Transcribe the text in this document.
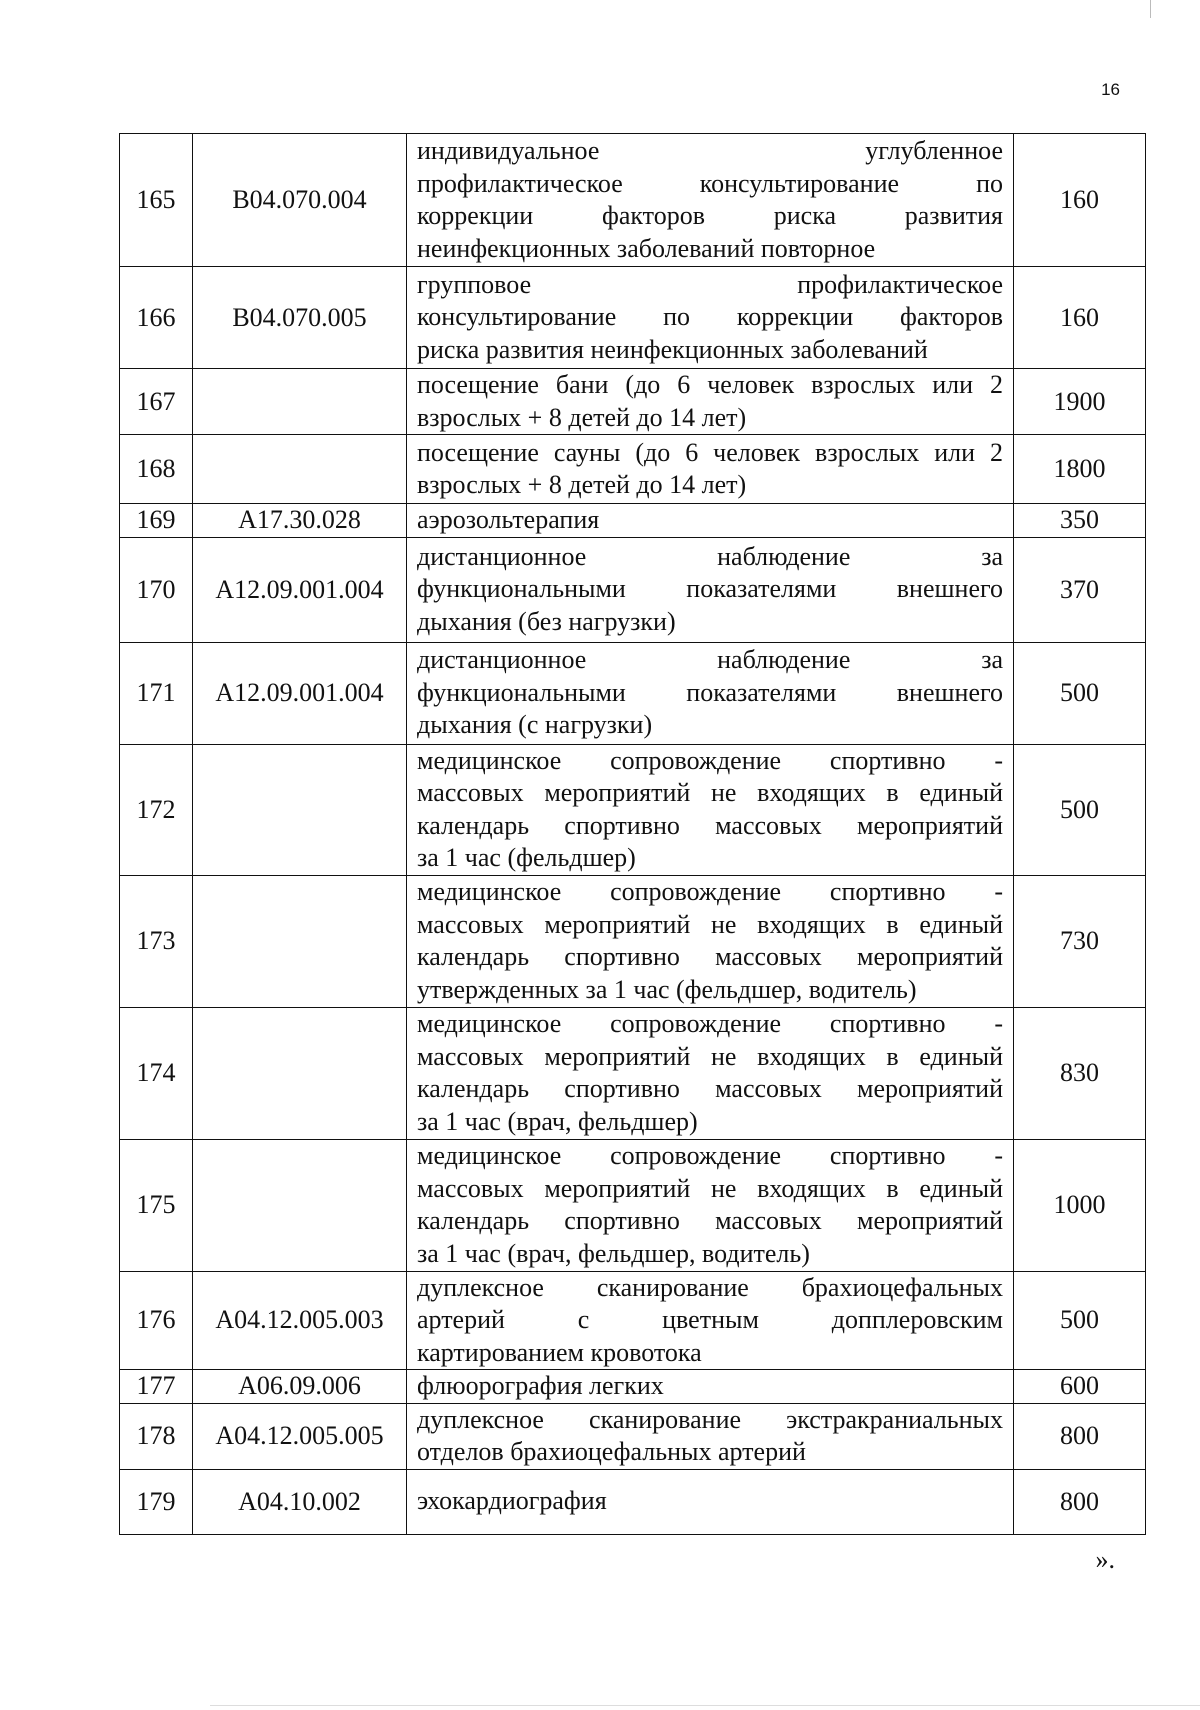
16
165	В04.070.004	индивидуальное углубленное
профилактическое консультирование по
коррекции факторов риска развития
неинфекционных заболеваний повторное	160
166	В04.070.005	групповое профилактическое
консультирование по коррекции факторов
риска развития неинфекционных заболеваний	160
167		посещение бани (до 6 человек взрослых или 2
взрослых + 8 детей до 14 лет)	1900
168		посещение сауны (до 6 человек взрослых или 2
взрослых + 8 детей до 14 лет)	1800
169	А17.30.028	аэрозольтерапия	350
170	А12.09.001.004	дистанционное наблюдение за
функциональными показателями внешнего
дыхания (без нагрузки)	370
171	А12.09.001.004	дистанционное наблюдение за
функциональными показателями внешнего
дыхания (с нагрузки)	500
172		медицинское сопровождение спортивно -
массовых мероприятий не входящих в единый
календарь спортивно массовых мероприятий
за 1 час (фельдшер)	500
173		медицинское сопровождение спортивно -
массовых мероприятий не входящих в единый
календарь спортивно массовых мероприятий
утвержденных за 1 час (фельдшер, водитель)	730
174		медицинское сопровождение спортивно -
массовых мероприятий не входящих в единый
календарь спортивно массовых мероприятий
за 1 час (врач, фельдшер)	830
175		медицинское сопровождение спортивно -
массовых мероприятий не входящих в единый
календарь спортивно массовых мероприятий
за 1 час (врач, фельдшер, водитель)	1000
176	А04.12.005.003	дуплексное сканирование брахиоцефальных
артерий с цветным допплеровским
картированием кровотока	500
177	А06.09.006	флюорография легких	600
178	А04.12.005.005	дуплексное сканирование экстракраниальных
отделов брахиоцефальных артерий	800
179	А04.10.002	эхокардиография	800
».
